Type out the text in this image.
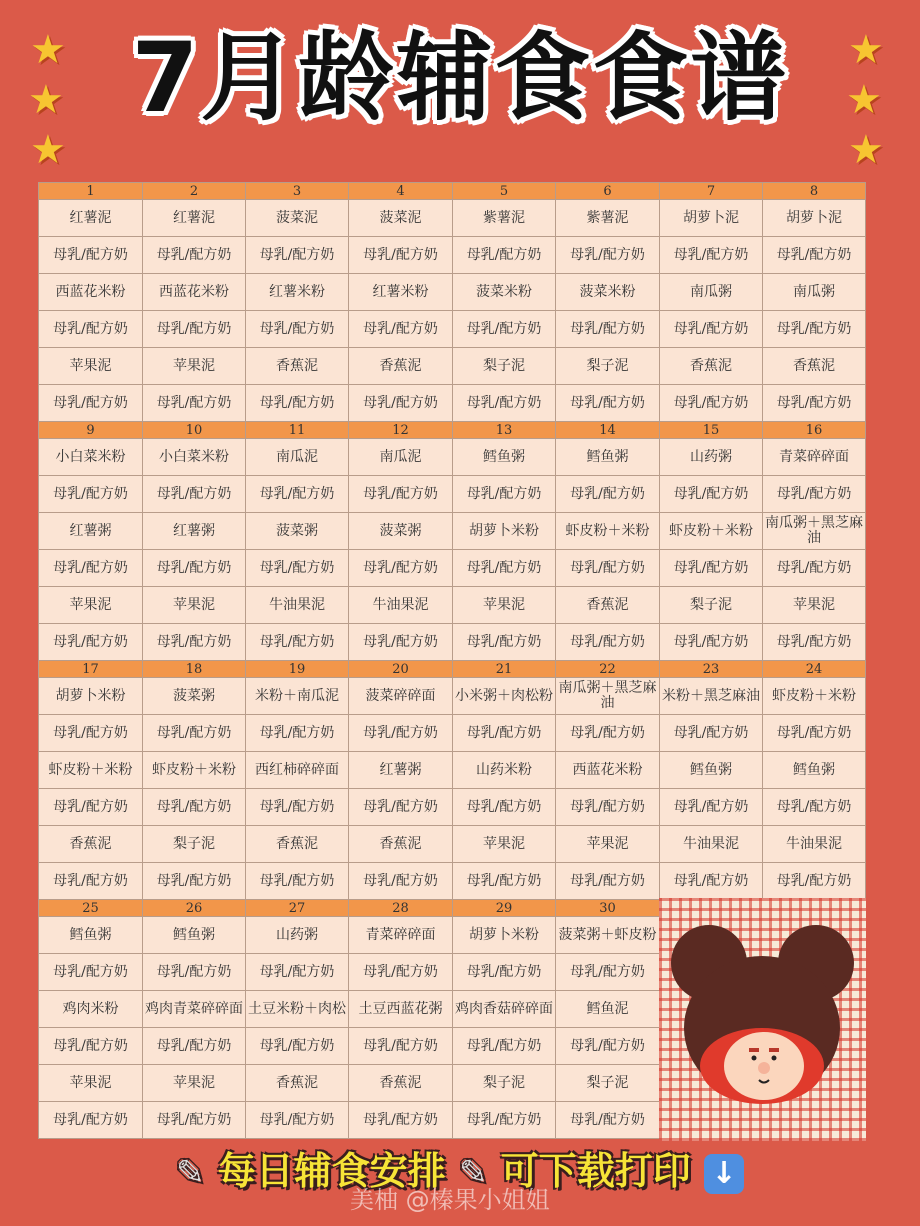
7月龄辅食食谱
★
★
★
★
★
★
1	2	3	4	5	6	7	8
红薯泥	红薯泥	菠菜泥	菠菜泥	紫薯泥	紫薯泥	胡萝卜泥	胡萝卜泥
母乳/配方奶	母乳/配方奶	母乳/配方奶	母乳/配方奶	母乳/配方奶	母乳/配方奶	母乳/配方奶	母乳/配方奶
西蓝花米粉	西蓝花米粉	红薯米粉	红薯米粉	菠菜米粉	菠菜米粉	南瓜粥	南瓜粥
母乳/配方奶	母乳/配方奶	母乳/配方奶	母乳/配方奶	母乳/配方奶	母乳/配方奶	母乳/配方奶	母乳/配方奶
苹果泥	苹果泥	香蕉泥	香蕉泥	梨子泥	梨子泥	香蕉泥	香蕉泥
母乳/配方奶	母乳/配方奶	母乳/配方奶	母乳/配方奶	母乳/配方奶	母乳/配方奶	母乳/配方奶	母乳/配方奶
9	10	11	12	13	14	15	16
小白菜米粉	小白菜米粉	南瓜泥	南瓜泥	鳕鱼粥	鳕鱼粥	山药粥	青菜碎碎面
母乳/配方奶	母乳/配方奶	母乳/配方奶	母乳/配方奶	母乳/配方奶	母乳/配方奶	母乳/配方奶	母乳/配方奶
红薯粥	红薯粥	菠菜粥	菠菜粥	胡萝卜米粉	虾皮粉＋米粉	虾皮粉＋米粉	南瓜粥＋黑芝麻油
母乳/配方奶	母乳/配方奶	母乳/配方奶	母乳/配方奶	母乳/配方奶	母乳/配方奶	母乳/配方奶	母乳/配方奶
苹果泥	苹果泥	牛油果泥	牛油果泥	苹果泥	香蕉泥	梨子泥	苹果泥
母乳/配方奶	母乳/配方奶	母乳/配方奶	母乳/配方奶	母乳/配方奶	母乳/配方奶	母乳/配方奶	母乳/配方奶
17	18	19	20	21	22	23	24
胡萝卜米粉	菠菜粥	米粉＋南瓜泥	菠菜碎碎面	小米粥＋肉松粉	南瓜粥＋黑芝麻油	米粉＋黑芝麻油	虾皮粉＋米粉
母乳/配方奶	母乳/配方奶	母乳/配方奶	母乳/配方奶	母乳/配方奶	母乳/配方奶	母乳/配方奶	母乳/配方奶
虾皮粉＋米粉	虾皮粉＋米粉	西红柿碎碎面	红薯粥	山药米粉	西蓝花米粉	鳕鱼粥	鳕鱼粥
母乳/配方奶	母乳/配方奶	母乳/配方奶	母乳/配方奶	母乳/配方奶	母乳/配方奶	母乳/配方奶	母乳/配方奶
香蕉泥	梨子泥	香蕉泥	香蕉泥	苹果泥	苹果泥	牛油果泥	牛油果泥
母乳/配方奶	母乳/配方奶	母乳/配方奶	母乳/配方奶	母乳/配方奶	母乳/配方奶	母乳/配方奶	母乳/配方奶
25	26	27	28	29	30		
鳕鱼粥	鳕鱼粥	山药粥	青菜碎碎面	胡萝卜米粉	菠菜粥＋虾皮粉		
母乳/配方奶	母乳/配方奶	母乳/配方奶	母乳/配方奶	母乳/配方奶	母乳/配方奶		
鸡肉米粉	鸡肉青菜碎碎面	土豆米粉＋肉松	土豆西蓝花粥	鸡肉香菇碎碎面	鳕鱼泥		
母乳/配方奶	母乳/配方奶	母乳/配方奶	母乳/配方奶	母乳/配方奶	母乳/配方奶		
苹果泥	苹果泥	香蕉泥	香蕉泥	梨子泥	梨子泥		
母乳/配方奶	母乳/配方奶	母乳/配方奶	母乳/配方奶	母乳/配方奶	母乳/配方奶		
✎ 每日辅食安排 ✎ 可下载打印 ↓
美柚 @榛果小姐姐
